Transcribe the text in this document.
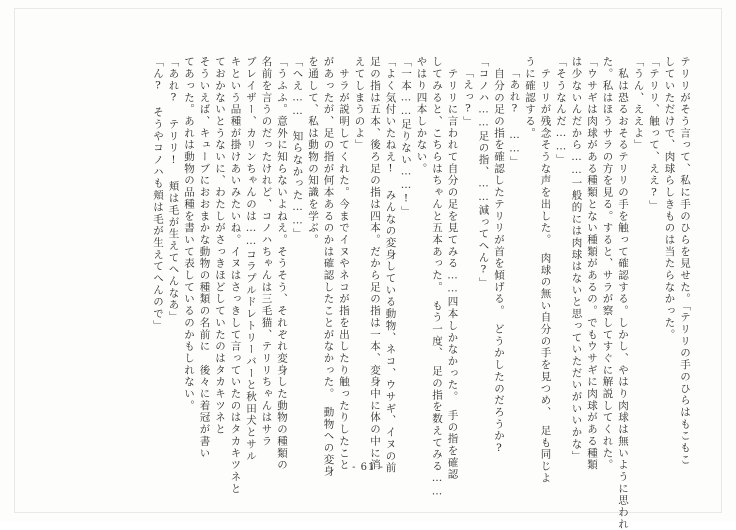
テリリがそう言って、私に手のひらを見せた。「テリリの手のひらはもこもこ
していただけで、肉球らしきものは当たらなかった。
「テリリ、触って、ええ?」
「うん、ええよ」
　私は恐るおそるテリリの手を触って確認する。しかし、やはり肉球は無いように思われ
た。私はほうサラの方を見る。すると、サラが察してすぐに解説してくれた。
「ウサギは肉球がある種類とない種類があるの。でもウサギに肉球がある種類
は少ないんだから……一般的には肉球はないと思っていただいがいいかな」
「そうなんだ……」
　テリリが残念そうな声を出した。　肉球の無い自分の手を見つめ、　足も同じよ
うに確認する。
「あれ? ……」
　自分の足の指を確認したテリリが首を傾げる。　どうかしたのだろうか?
「コノハ……足の指、……減ってへん?」
「えっ?」
　テリリに言われて自分の足を見てみる……四本しかなかった。　手の指を確認
してみると、こちらはちゃんと五本あった。　もう一度、　足の指を数えてみる……
やはり四本しかない。
「一本……足りない……!」
「よく気付いたねえ! みんなの変身している動物、ネコ、ウサギ、イヌの前
足の指は五本、後ろ足の指は四本。だから足の指は一本、変身中に体の中に消
えてしまうのよ」
　サラが説明してくれた。今までイヌやネコが指を出したり触ったりしたこと
があったが、足の指が何本あるのかは確認したことがなかった。　動物への変身
を通して、私は動物の知識を学ぶ。
「へえ……　知らなかった……」
「うふふ。意外に知らないよねえ。そうそう、それぞれ変身した動物の種類の
名前を言うのだったけれど、コノハちゃんは三毛猫、テリリちゃんはサラ
ブレイザー、カリンちゃんのは……コラプルドレトリーバーと秋田犬とサル
キという品種が掛けあいみたいね。イヌはさっきして言っていたのはタカキツネと
ておかないとうないに、わたしがさっきほどしていたのはタカキツネと
そういえば、キューブにおおまかな動物の種類の名前に　後々に着冠が書い
てあった。あれは動物の品種を書いて表しているのかもしれない。
「あれ? テリリ! 頬は毛が生えてへんなあ」
「ん? そうやコノハも頬は毛が生えてへんので」
- 61 -
